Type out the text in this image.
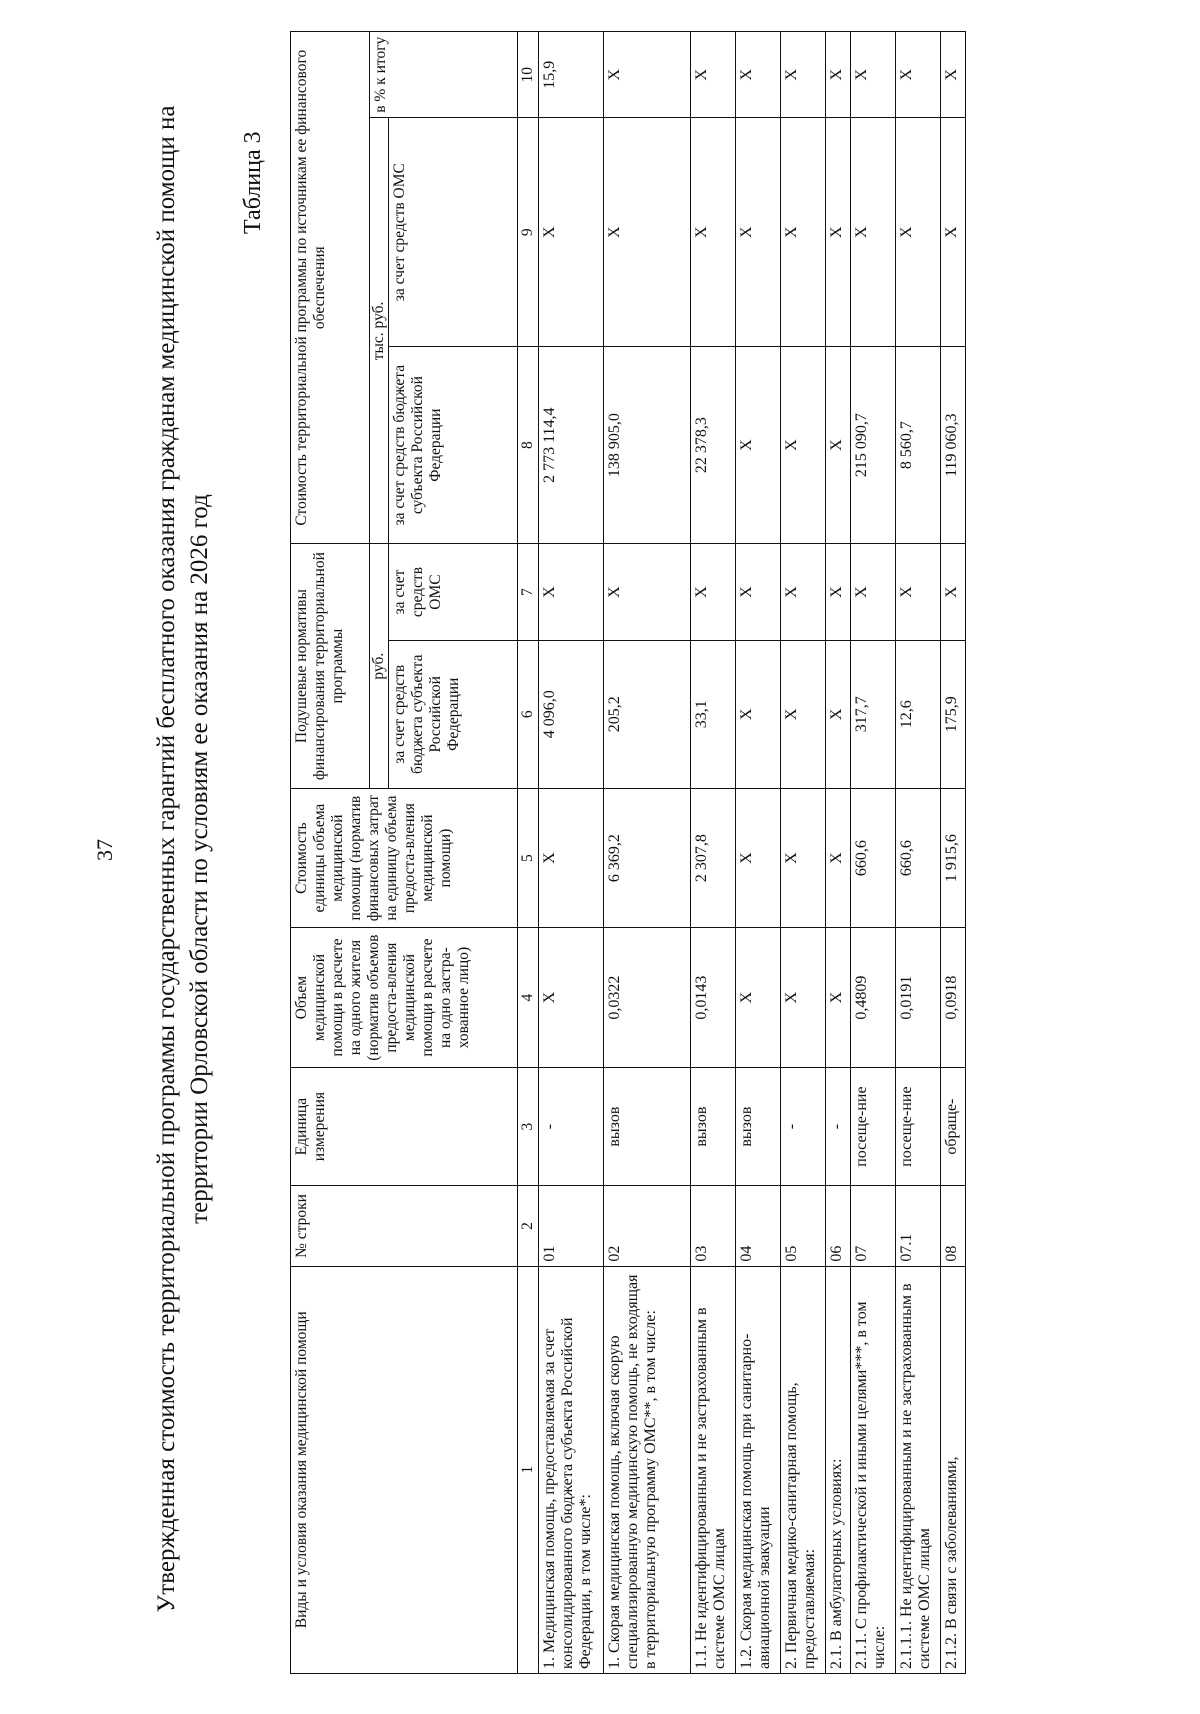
37 Утвержденная стоимость территориальной программы государственных гарантий бесплатного оказания гражданам медицинской помощи на территории Орловской области по условиям ее оказания на 2026 год
Таблица 3
Виды и условия оказания медицинской помощи	№ строки	Единица измерения	Объем медицинской помощи в расчете на одного жителя (норматив объемов предоста-вления медицинской помощи в расчете на одно застра-хованное лицо)	Стоимость единицы объема медицинской помощи (норматив финансовых затрат на единицу объема предоста-вления медицинской помощи)	Подушевые нормативы финансирования территориальной программы		Стоимость территориальной программы по источникам ее финансового обеспечения		
					руб.		тыс. руб.		в % к итогу
					за счет средств бюджета субъекта Российской Федерации	за счет средств ОМС	за счет средств бюджета субъекта Российской Федерации	за счет средств ОМС	
1	2	3	4	5	6	7	8	9	10
1. Медицинская помощь, предоставляемая за счет консолидированного бюджета субъекта Российской Федерации, в том числе*:	01	-	X	X	4 096,0	X	2 773 114,4	X	15,9
1. Скорая медицинская помощь, включая скорую специализированную медицинскую помощь, не входящая в территориальную программу ОМС**, в том числе:	02	вызов	0,0322	6 369,2	205,2	X	138 905,0	X	X
1.1. Не идентифицированным и не застрахованным в системе ОМС лицам	03	вызов	0,0143	2 307,8	33,1	X	22 378,3	X	X
1.2. Скорая медицинская помощь при санитарно-авиационной эвакуации	04	вызов	X	X	X	X	X	X	X
2. Первичная медико-санитарная помощь, предоставляемая:	05	-	X	X	X	X	X	X	X
2.1. В амбулаторных условиях:	06	-	X	X	X	X	X	X	X
2.1.1. С профилактической и иными целями***, в том числе:	07	посеще-ние	0,4809	660,6	317,7	X	215 090,7	X	X
2.1.1.1. Не идентифицированным и не застрахованным в системе ОМС лицам	07.1	посеще-ние	0,0191	660,6	12,6	X	8 560,7	X	X
2.1.2. В связи с заболеваниями,	08	обраще-	0,0918	1 915,6	175,9	X	119 060,3	X	X
